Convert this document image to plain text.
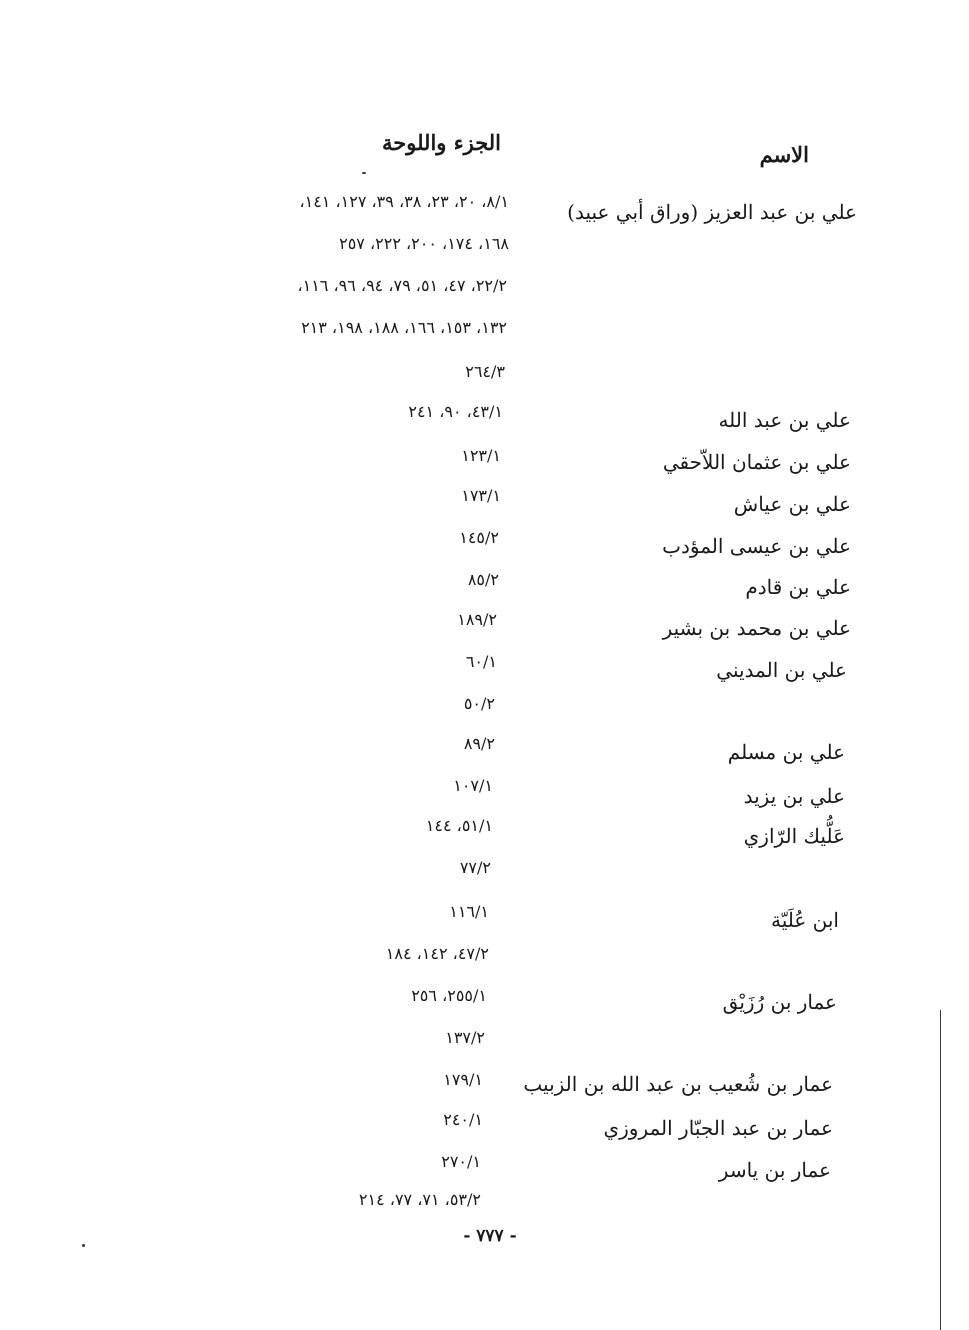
الاسم
الجزء واللوحة
علي بن عبد العزيز (وراق أبي عبيد)
علي بن عبد الله
علي بن عثمان اللاّحقي
علي بن عياش
علي بن عيسى المؤدب
علي بن قادم
علي بن محمد بن بشير
علي بن المديني
علي بن مسلم
علي بن يزيد
عَلُّيك الرّازي
ابن عُلَيّة
عمار بن رُزَيْق
عمار بن شُعيب بن عبد الله بن الزبيب
عمار بن عبد الجبّار المروزي
عمار بن ياسر
٨/١، ٢٠، ٢٣، ٣٨، ٣٩، ١٢٧، ١٤١،
١٦٨، ١٧٤، ٢٠٠، ٢٢٢، ٢٥٧
٢٢/٢، ٤٧، ٥١، ٧٩، ٩٤، ٩٦، ١١٦،
١٣٢، ١٥٣، ١٦٦، ١٨٨، ١٩٨، ٢١٣
٢٦٤/٣
٤٣/١، ٩٠، ٢٤١
١٢٣/١
١٧٣/١
١٤٥/٢
٨٥/٢
١٨٩/٢
٦٠/١
٥٠/٢
٨٩/٢
١٠٧/١
٥١/١، ١٤٤
٧٧/٢
١١٦/١
٤٧/٢، ١٤٢، ١٨٤
٢٥٥/١، ٢٥٦
١٣٧/٢
١٧٩/١
٢٤٠/١
٢٧٠/١
٥٣/٢، ٧١، ٧٧، ٢١٤
- ٧٧٧ -
